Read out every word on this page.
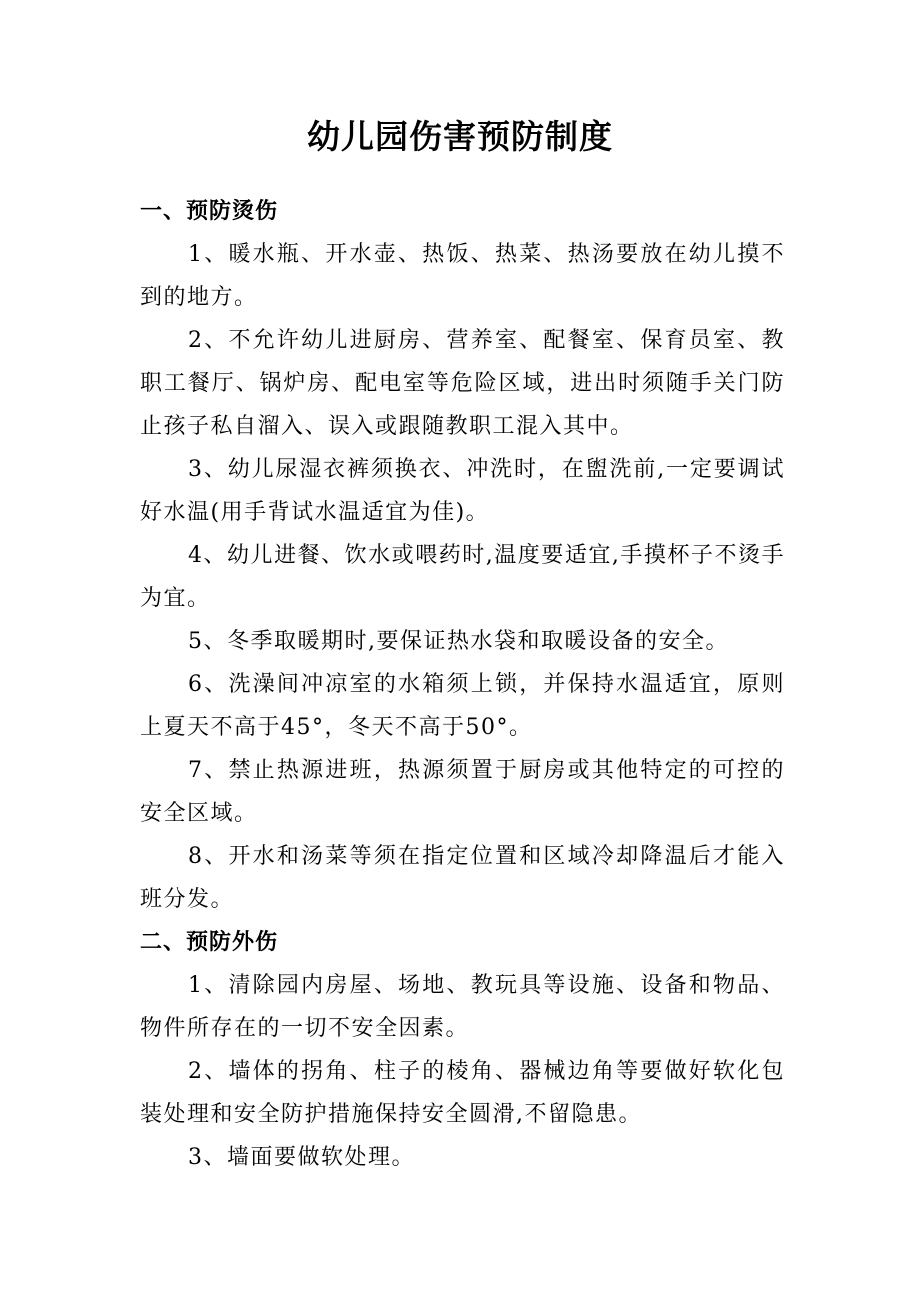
幼儿园伤害预防制度

一、预防烫伤

1、暖水瓶、开水壶、热饭、热菜、热汤要放在幼儿摸不到的地方。

2、不允许幼儿进厨房、营养室、配餐室、保育员室、教职工餐厅、锅炉房、配电室等危险区域，进出时须随手关门防止孩子私自溜入、误入或跟随教职工混入其中。

3、幼儿尿湿衣裤须换衣、冲洗时，在盥洗前,一定要调试好水温(用手背试水温适宜为佳)。

4、幼儿进餐、饮水或喂药时,温度要适宜,手摸杯子不烫手为宜。

5、冬季取暖期时,要保证热水袋和取暖设备的安全。

6、洗澡间冲凉室的水箱须上锁，并保持水温适宜，原则上夏天不高于45°，冬天不高于50°。

7、禁止热源进班，热源须置于厨房或其他特定的可控的安全区域。

8、开水和汤菜等须在指定位置和区域冷却降温后才能入班分发。

二、预防外伤

1、清除园内房屋、场地、教玩具等设施、设备和物品、物件所存在的一切不安全因素。

2、墙体的拐角、柱子的棱角、器械边角等要做好软化包装处理和安全防护措施保持安全圆滑,不留隐患。

3、墙面要做软处理。
